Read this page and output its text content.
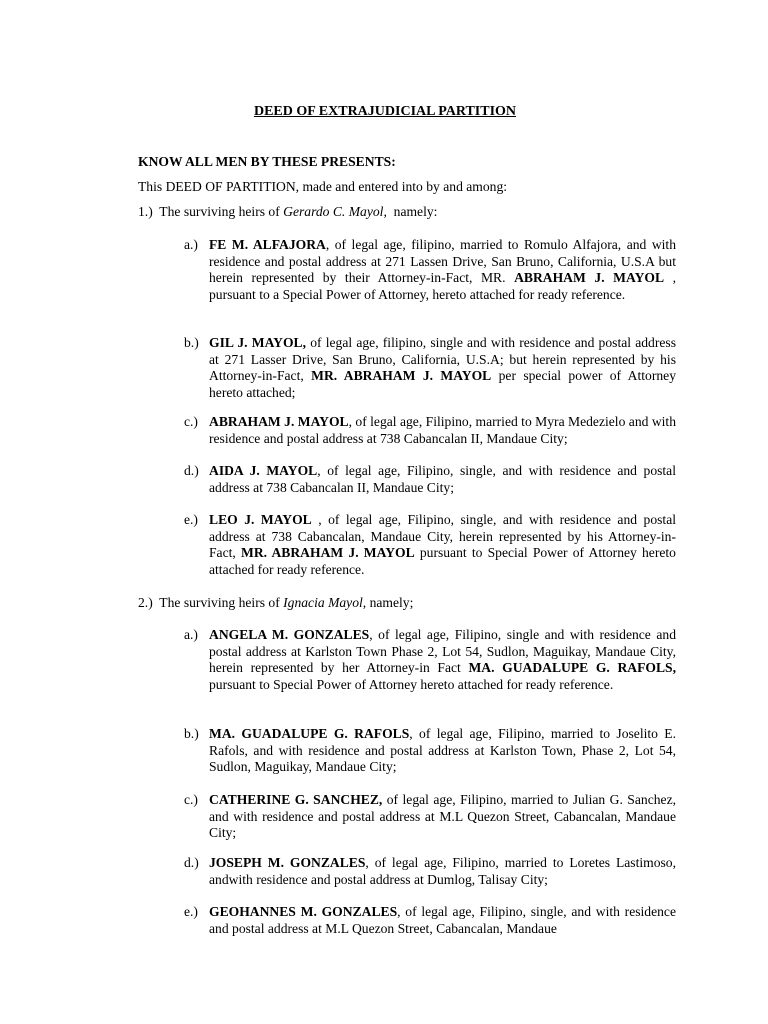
DEED OF EXTRAJUDICIAL PARTITION
KNOW ALL MEN BY THESE PRESENTS:
This DEED OF PARTITION, made and entered into by and among:
1.) The surviving heirs of Gerardo C. Mayol, namely:
a.) FE M. ALFAJORA, of legal age, filipino, married to Romulo Alfajora, and with residence and postal address at 271 Lassen Drive, San Bruno, California, U.S.A but herein represented by their Attorney-in-Fact, MR. ABRAHAM J. MAYOL , pursuant to a Special Power of Attorney, hereto attached for ready reference.
b.) GIL J. MAYOL, of legal age, filipino, single and with residence and postal address at 271 Lasser Drive, San Bruno, California, U.S.A; but herein represented by his Attorney-in-Fact, MR. ABRAHAM J. MAYOL per special power of Attorney hereto attached;
c.) ABRAHAM J. MAYOL, of legal age, Filipino, married to Myra Medezielo and with residence and postal address at 738 Cabancalan II, Mandaue City;
d.) AIDA J. MAYOL, of legal age, Filipino, single, and with residence and postal address at 738 Cabancalan II, Mandaue City;
e.) LEO J. MAYOL , of legal age, Filipino, single, and with residence and postal address at 738 Cabancalan, Mandaue City, herein represented by his Attorney-in-Fact, MR. ABRAHAM J. MAYOL pursuant to Special Power of Attorney hereto attached for ready reference.
2.) The surviving heirs of Ignacia Mayol, namely;
a.) ANGELA M. GONZALES, of legal age, Filipino, single and with residence and postal address at Karlston Town Phase 2, Lot 54, Sudlon, Maguikay, Mandaue City, herein represented by her Attorney-in Fact MA. GUADALUPE G. RAFOLS, pursuant to Special Power of Attorney hereto attached for ready reference.
b.) MA. GUADALUPE G. RAFOLS, of legal age, Filipino, married to Joselito E. Rafols, and with residence and postal address at Karlston Town, Phase 2, Lot 54, Sudlon, Maguikay, Mandaue City;
c.) CATHERINE G. SANCHEZ, of legal age, Filipino, married to Julian G. Sanchez, and with residence and postal address at M.L Quezon Street, Cabancalan, Mandaue City;
d.) JOSEPH M. GONZALES, of legal age, Filipino, married to Loretes Lastimoso, andwith residence and postal address at Dumlog, Talisay City;
e.) GEOHANNES M. GONZALES, of legal age, Filipino, single, and with residence and postal address at M.L Quezon Street, Cabancalan, Mandaue
